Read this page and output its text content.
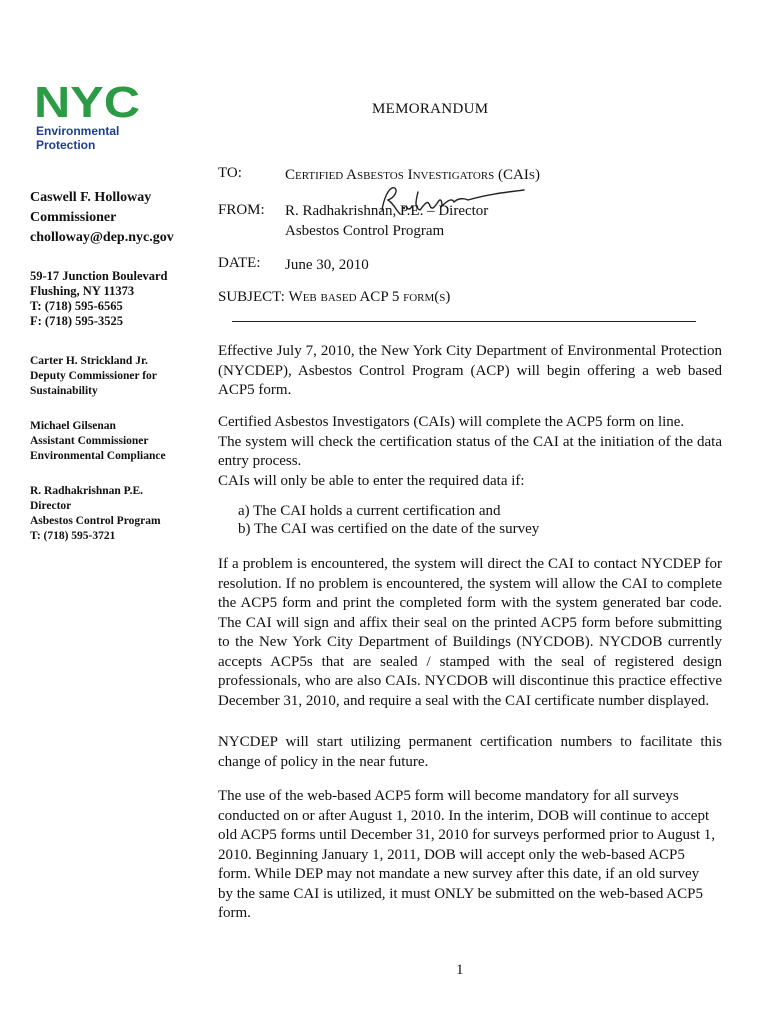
NYC
Environmental
Protection
Caswell F. Holloway
Commissioner
cholloway@dep.nyc.gov
59-17 Junction Boulevard
Flushing, NY 11373
T: (718) 595-6565
F: (718) 595-3525
Carter H. Strickland Jr.
Deputy Commissioner for
Sustainability
Michael Gilsenan
Assistant Commissioner
Environmental Compliance
R. Radhakrishnan P.E.
Director
Asbestos Control Program
T: (718) 595-3721
MEMORANDUM
TO:	Certified Asbestos Investigators (CAIs)
FROM: R. Radhakrishnan, P.E. – Director
Asbestos Control Program
DATE: June 30, 2010
SUBJECT: Web based ACP 5 form(s)
Effective July 7, 2010, the New York City Department of Environmental Protection (NYCDEP), Asbestos Control Program (ACP) will begin offering a web based ACP5 form.
Certified Asbestos Investigators (CAIs) will complete the ACP5 form on line.
The system will check the certification status of the CAI at the initiation of the data entry process.
CAIs will only be able to enter the required data if:
a) The CAI holds a current certification and
b) The CAI was certified on the date of the survey
If a problem is encountered, the system will direct the CAI to contact NYCDEP for resolution. If no problem is encountered, the system will allow the CAI to complete the ACP5 form and print the completed form with the system generated bar code. The CAI will sign and affix their seal on the printed ACP5 form before submitting to the New York City Department of Buildings (NYCDOB). NYCDOB currently accepts ACP5s that are sealed / stamped with the seal of registered design professionals, who are also CAIs. NYCDOB will discontinue this practice effective December 31, 2010, and require a seal with the CAI certificate number displayed.
NYCDEP will start utilizing permanent certification numbers to facilitate this change of policy in the near future.
The use of the web-based ACP5 form will become mandatory for all surveys
conducted on or after August 1, 2010. In the interim, DOB will continue to accept
old ACP5 forms until December 31, 2010 for surveys performed prior to August 1,
2010. Beginning January 1, 2011, DOB will accept only the web-based ACP5
form. While DEP may not mandate a new survey after this date, if an old survey
by the same CAI is utilized, it must ONLY be submitted on the web-based ACP5
form.
1
